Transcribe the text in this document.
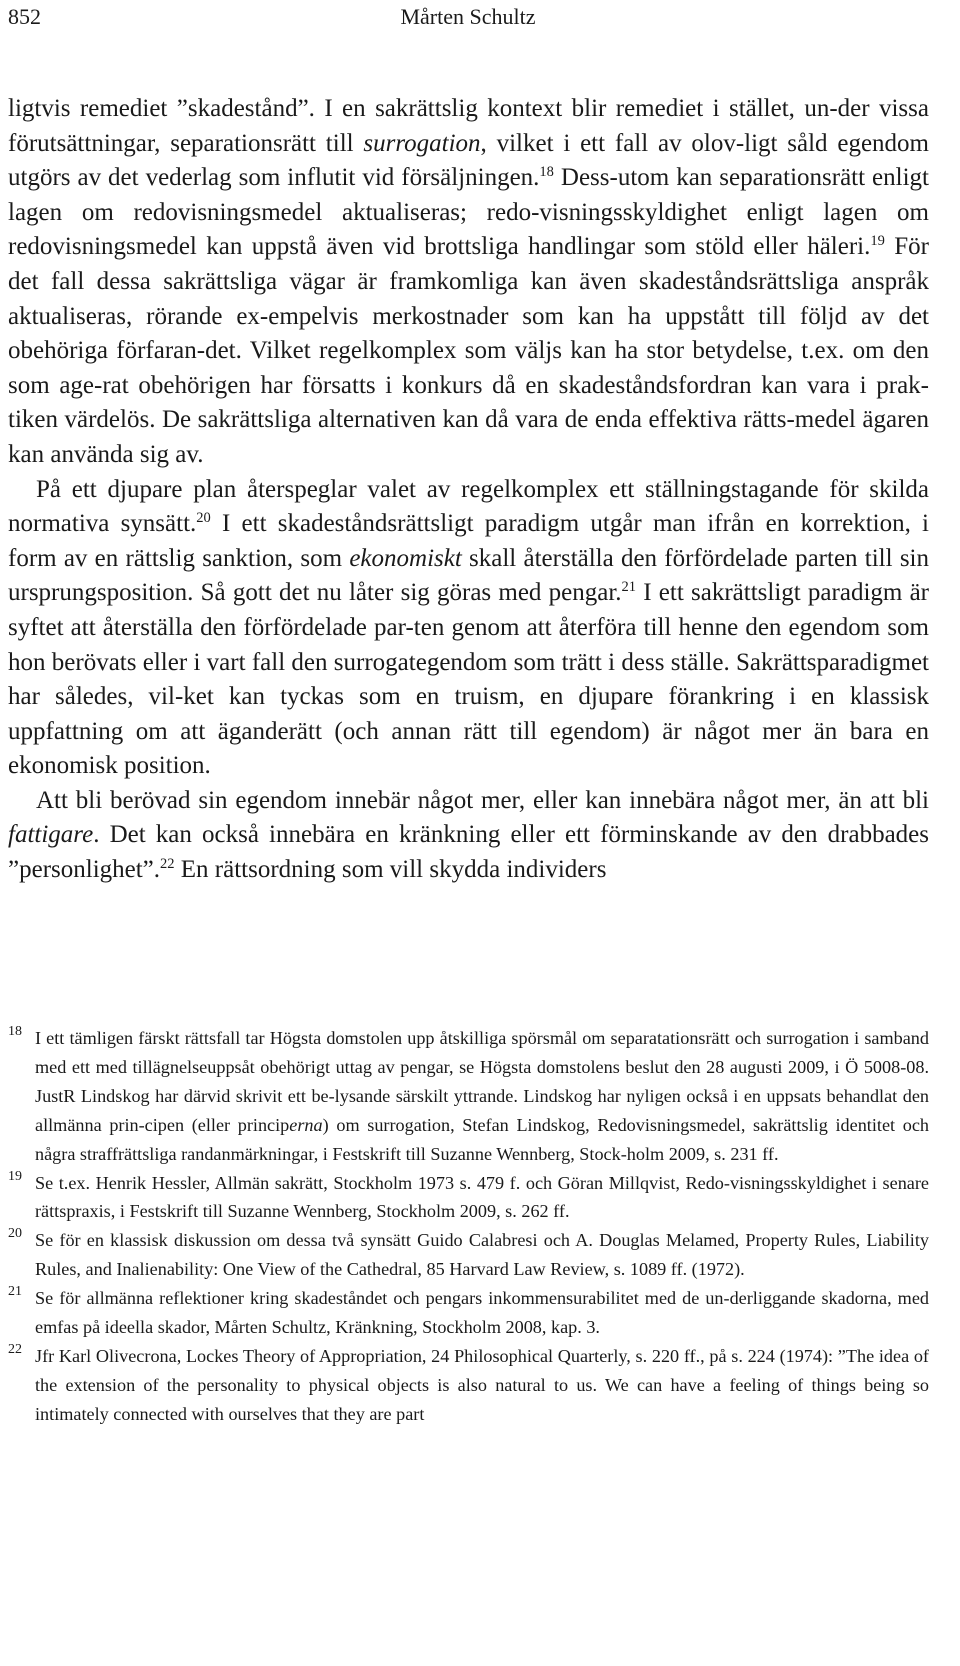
852	Mårten Schultz

ligtvis remediet ”skadestånd”. I en sakrättslig kontext blir remediet i stället, un-der vissa förutsättningar, separationsrätt till surrogation, vilket i ett fall av olov-ligt såld egendom utgörs av det vederlag som influtit vid försäljningen.$^{18}$ Dess-utom kan separationsrätt enligt lagen om redovisningsmedel aktualiseras; redo-visningsskyldighet enligt lagen om redovisningsmedel kan uppstå även vid brottsliga handlingar som stöld eller häleri.$^{19}$ För det fall dessa sakrättsliga vägar är framkomliga kan även skadeståndsrättsliga anspråk aktualiseras, rörande ex-empelvis merkostnader som kan ha uppstått till följd av det obehöriga förfaran-det. Vilket regelkomplex som väljs kan ha stor betydelse, t.ex. om den som age-rat obehörigen har försatts i konkurs då en skadeståndsfordran kan vara i prak-tiken värdelös. De sakrättsliga alternativen kan då vara de enda effektiva rätts-medel ägaren kan använda sig av.

På ett djupare plan återspeglar valet av regelkomplex ett ställningstagande för skilda normativa synsätt.$^{20}$ I ett skadeståndsrättsligt paradigm utgår man ifrån en korrektion, i form av en rättslig sanktion, som ekonomiskt skall återställa den förfördelade parten till sin ursprungsposition. Så gott det nu låter sig göras med pengar.$^{21}$ I ett sakrättsligt paradigm är syftet att återställa den förfördelade par-ten genom att återföra till henne den egendom som hon berövats eller i vart fall den surrogategendom som trätt i dess ställe. Sakrättsparadigmet har således, vil-ket kan tyckas som en truism, en djupare förankring i en klassisk uppfattning om att äganderätt (och annan rätt till egendom) är något mer än bara en ekonomisk position.

Att bli berövad sin egendom innebär något mer, eller kan innebära något mer, än att bli fattigare. Det kan också innebära en kränkning eller ett förminskande av den drabbades ”personlighet”.$^{22}$ En rättsordning som vill skydda individers

18 I ett tämligen färskt rättsfall tar Högsta domstolen upp åtskilliga spörsmål om separatationsrätt och surrogation i samband med ett med tillägnelseuppsåt obehörigt uttag av pengar, se Högsta domstolens beslut den 28 augusti 2009, i Ö 5008-08. JustR Lindskog har därvid skrivit ett be-lysande särskilt yttrande. Lindskog har nyligen också i en uppsats behandlat den allmänna prin-cipen (eller principerna) om surrogation, Stefan Lindskog, Redovisningsmedel, sakrättslig identitet och några straffrättsliga randanmärkningar, i Festskrift till Suzanne Wennberg, Stock-holm 2009, s. 231 ff.
19 Se t.ex. Henrik Hessler, Allmän sakrätt, Stockholm 1973 s. 479 f. och Göran Millqvist, Redo-visningsskyldighet i senare rättspraxis, i Festskrift till Suzanne Wennberg, Stockholm 2009, s. 262 ff.
20 Se för en klassisk diskussion om dessa två synsätt Guido Calabresi och A. Douglas Melamed, Property Rules, Liability Rules, and Inalienability: One View of the Cathedral, 85 Harvard Law Review, s. 1089 ff. (1972).
21 Se för allmänna reflektioner kring skadeståndet och pengars inkommensurabilitet med de un-derliggande skadorna, med emfas på ideella skador, Mårten Schultz, Kränkning, Stockholm 2008, kap. 3.
22 Jfr Karl Olivecrona, Lockes Theory of Appropriation, 24 Philosophical Quarterly, s. 220 ff., på s. 224 (1974): ”The idea of the extension of the personality to physical objects is also natural to us. We can have a feeling of things being so intimately connected with ourselves that they are part
